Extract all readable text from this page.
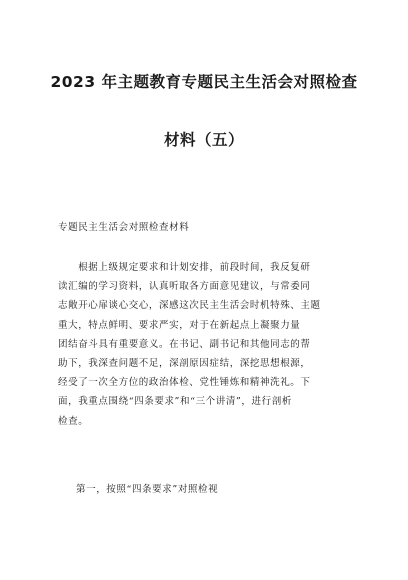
2023 年主题教育专题民主生活会对照检查
材料（五）
专题民主生活会对照检查材料
　　根据上级规定要求和计划安排，前段时间，我反复研
读汇编的学习资料，认真听取各方面意见建议，与常委同
志敞开心扉谈心交心，深感这次民主生活会时机特殊、主题
重大，特点鲜明、要求严实，对于在新起点上凝聚力量
团结奋斗具有重要意义。在书记、副书记和其他同志的帮
助下，我深查问题不足，深剖原因症结，深挖思想根源，
经受了一次全方位的政治体检、党性锤炼和精神洗礼。下
面，我重点围绕“四条要求”和“三个讲清”，进行剖析
检查。
第一，按照“四条要求”对照检视
